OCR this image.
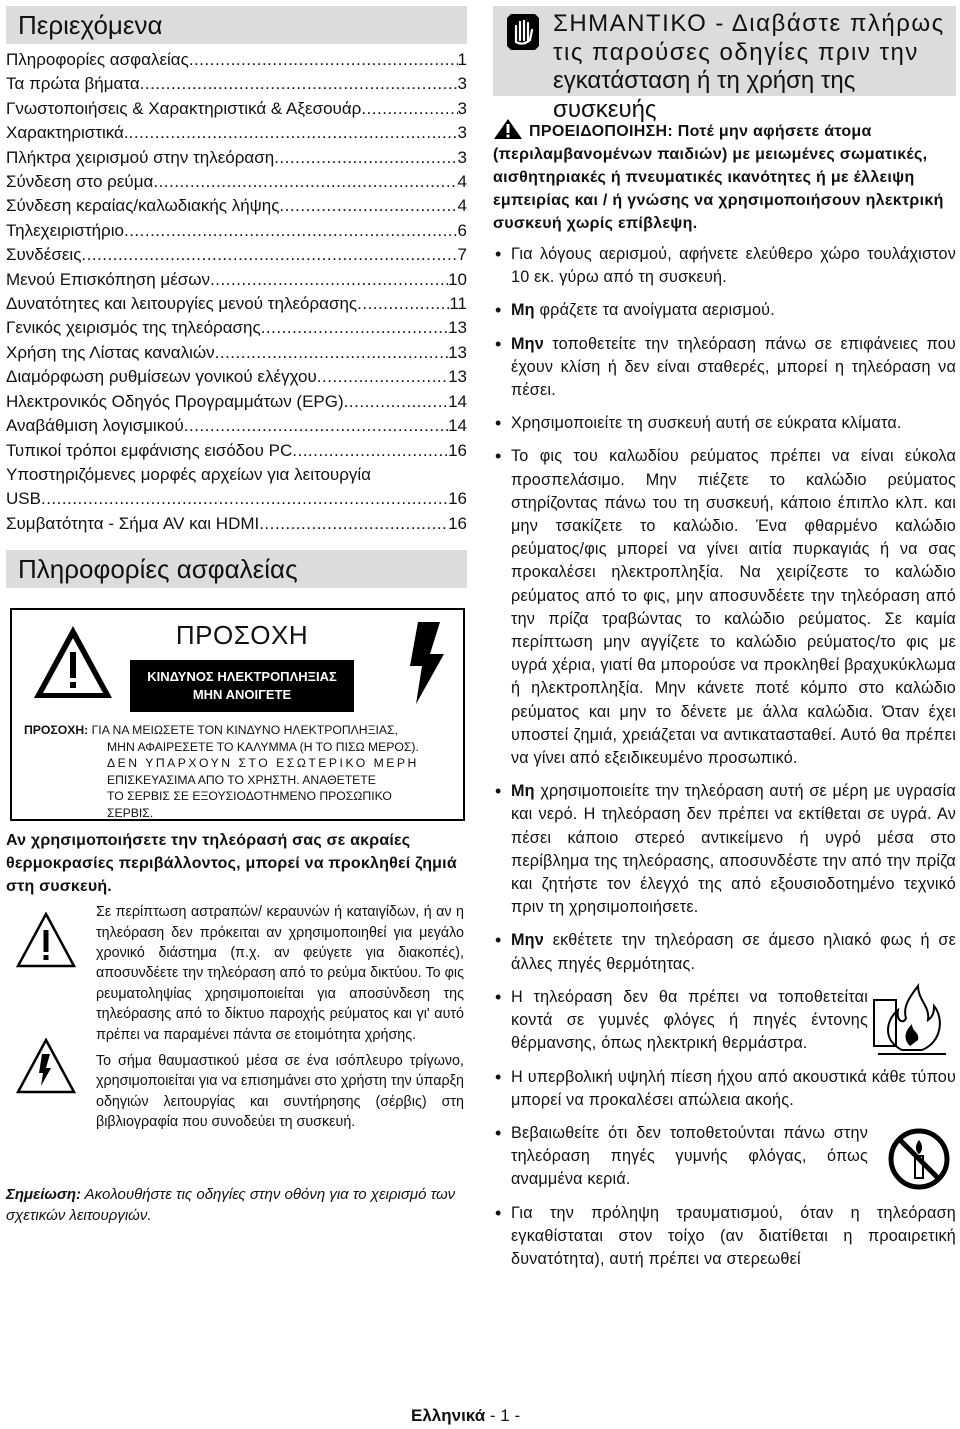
Περιεχόμενα
Πληροφορίες ασφαλείας .....	1
Τα πρώτα βήματα .....	3
Γνωστοποιήσεις & Χαρακτηριστικά & Αξεσουάρ .....	3
Χαρακτηριστικά. .....	3
Πλήκτρα χειρισμού στην τηλεόραση .....	3
Σύνδεση στο ρεύμα .....	4
Σύνδεση κεραίας/καλωδιακής λήψης .....	4
Τηλεχειριστήριο .....	6
Συνδέσεις .....	7
Μενού Επισκόπηση μέσων .....	10
Δυνατότητες και λειτουργίες μενού τηλεόρασης .....	11
Γενικός χειρισμός της τηλεόρασης .....	13
Χρήση της Λίστας καναλιών .....	13
Διαμόρφωση ρυθμίσεων γονικού ελέγχου .....	13
Ηλεκτρονικός Οδηγός Προγραμμάτων (EPG) .....	14
Αναβάθμιση λογισμικού .....	14
Τυπικοί τρόποι εμφάνισης εισόδου PC .....	16
Υποστηριζόμενες μορφές αρχείων για λειτουργία
USB .....	16
Συμβατότητα - Σήμα AV και HDMI .....	16
Πληροφορίες ασφαλείας
ΠΡΟΣΟΧΗ
ΚΙΝΔΥΝΟΣ ΗΛΕΚΤΡΟΠΛΗΞΙΑΣ
ΜΗΝ ΑΝΟΙΓΕΤΕ
ΠΡΟΣΟΧΗ: ΓΙΑ ΝΑ ΜΕΙΩΣΕΤΕ ΤΟΝ ΚΙΝΔΥΝΟ ΗΛΕΚΤΡΟΠΛΗΞΙΑΣ,
ΜΗΝ ΑΦΑΙΡΕΣΕΤΕ ΤΟ ΚΑΛΥΜΜΑ (Η ΤΟ ΠΙΣΩ ΜΕΡΟΣ).
ΔΕΝ ΥΠΑΡΧΟΥΝ ΣΤΟ ΕΣΩΤΕΡΙΚΟ ΜΕΡΗ
ΕΠΙΣΚΕΥΑΣΙΜΑ ΑΠΟ ΤΟ ΧΡΗΣΤΗ. ΑΝΑΘΕΤΕΤΕ
ΤΟ ΣΕΡΒΙΣ ΣΕ ΕΞΟΥΣΙΟΔΟΤΗΜΕΝΟ ΠΡΟΣΩΠΙΚΟ
ΣΕΡΒΙΣ.

Αν χρησιμοποιήσετε την τηλεόρασή σας σε ακραίες θερμοκρασίες περιβάλλοντος, μπορεί να προκληθεί ζημιά στη συσκευή.

Σε περίπτωση αστραπών/ κεραυνών ή καταιγίδων, ή αν η τηλεόραση δεν πρόκειται αν χρησιμοποιηθεί για μεγάλο χρονικό διάστημα (π.χ. αν φεύγετε για διακοπές), αποσυνδέετε την τηλεόραση από το ρεύμα δικτύου. Το φις ρευματοληψίας χρησιμοποιείται για αποσύνδεση της τηλεόρασης από το δίκτυο παροχής ρεύματος και γι' αυτό πρέπει να παραμένει πάντα σε ετοιμότητα χρήσης.

Το σήμα θαυμαστικού μέσα σε ένα ισόπλευρο τρίγωνο, χρησιμοποιείται για να επισημάνει στο χρήστη την ύπαρξη οδηγιών λειτουργίας και συντήρησης (σέρβις) στη βιβλιογραφία που συνοδεύει τη συσκευή.

Σημείωση: Ακολουθήστε τις οδηγίες στην οθόνη για το χειρισμό των σχετικών λειτουργιών.

ΣΗΜΑΝΤΙΚΟ - Διαβάστε πλήρως
τις παρούσες οδηγίες πριν την
εγκατάσταση ή τη χρήση της συσκευής

ΠΡΟΕΙΔΟΠΟΙΗΣΗ: Ποτέ μην αφήσετε άτομα (περιλαμβανομένων παιδιών) με μειωμένες σωματικές, αισθητηριακές ή πνευματικές ικανότητες ή με έλλειψη εμπειρίας και / ή γνώσης να χρησιμοποιήσουν ηλεκτρική συσκευή χωρίς επίβλεψη.

• Για λόγους αερισμού, αφήνετε ελεύθερο χώρο τουλάχιστον 10 εκ. γύρω από τη συσκευή.
• Μη φράζετε τα ανοίγματα αερισμού.
• Μην τοποθετείτε την τηλεόραση πάνω σε επιφάνειες που έχουν κλίση ή δεν είναι σταθερές, μπορεί η τηλεόραση να πέσει.
• Χρησιμοποιείτε τη συσκευή αυτή σε εύκρατα κλίματα.
• Το φις του καλωδίου ρεύματος πρέπει να είναι εύκολα προσπελάσιμο. Μην πιέζετε το καλώδιο ρεύματος στηρίζοντας πάνω του τη συσκευή, κάποιο έπιπλο κλπ. και μην τσακίζετε το καλώδιο. Ένα φθαρμένο καλώδιο ρεύματος/φις μπορεί να γίνει αιτία πυρκαγιάς ή να σας προκαλέσει ηλεκτροπληξία. Να χειρίζεστε το καλώδιο ρεύματος από το φις, μην αποσυνδέετε την τηλεόραση από την πρίζα τραβώντας το καλώδιο ρεύματος. Σε καμία περίπτωση μην αγγίζετε το καλώδιο ρεύματος/το φις με υγρά χέρια, γιατί θα μπορούσε να προκληθεί βραχυκύκλωμα ή ηλεκτροπληξία. Μην κάνετε ποτέ κόμπο στο καλώδιο ρεύματος και μην το δένετε με άλλα καλώδια. Όταν έχει υποστεί ζημιά, χρειάζεται να αντικατασταθεί. Αυτό θα πρέπει να γίνει από εξειδικευμένο προσωπικό.
• Μη χρησιμοποιείτε την τηλεόραση αυτή σε μέρη με υγρασία και νερό. Η τηλεόραση δεν πρέπει να εκτίθεται σε υγρά. Αν πέσει κάποιο στερεό αντικείμενο ή υγρό μέσα στο περίβλημα της τηλεόρασης, αποσυνδέστε την από την πρίζα και ζητήστε τον έλεγχό της από εξουσιοδοτημένο τεχνικό πριν τη χρησιμοποιήσετε.
• Μην εκθέτετε την τηλεόραση σε άμεσο ηλιακό φως ή σε άλλες πηγές θερμότητας.
• Η τηλεόραση δεν θα πρέπει να τοποθετείται κοντά σε γυμνές φλόγες ή πηγές έντονης θέρμανσης, όπως ηλεκτρική θερμάστρα.
• Η υπερβολική υψηλή πίεση ήχου από ακουστικά κάθε τύπου μπορεί να προκαλέσει απώλεια ακοής.
• Βεβαιωθείτε ότι δεν τοποθετούνται πάνω στην τηλεόραση πηγές γυμνής φλόγας, όπως αναμμένα κεριά.
• Για την πρόληψη τραυματισμού, όταν η τηλεόραση εγκαθίσταται στον τοίχο (αν διατίθεται η προαιρετική δυνατότητα), αυτή πρέπει να στερεωθεί
Ελληνικά - 1 -
